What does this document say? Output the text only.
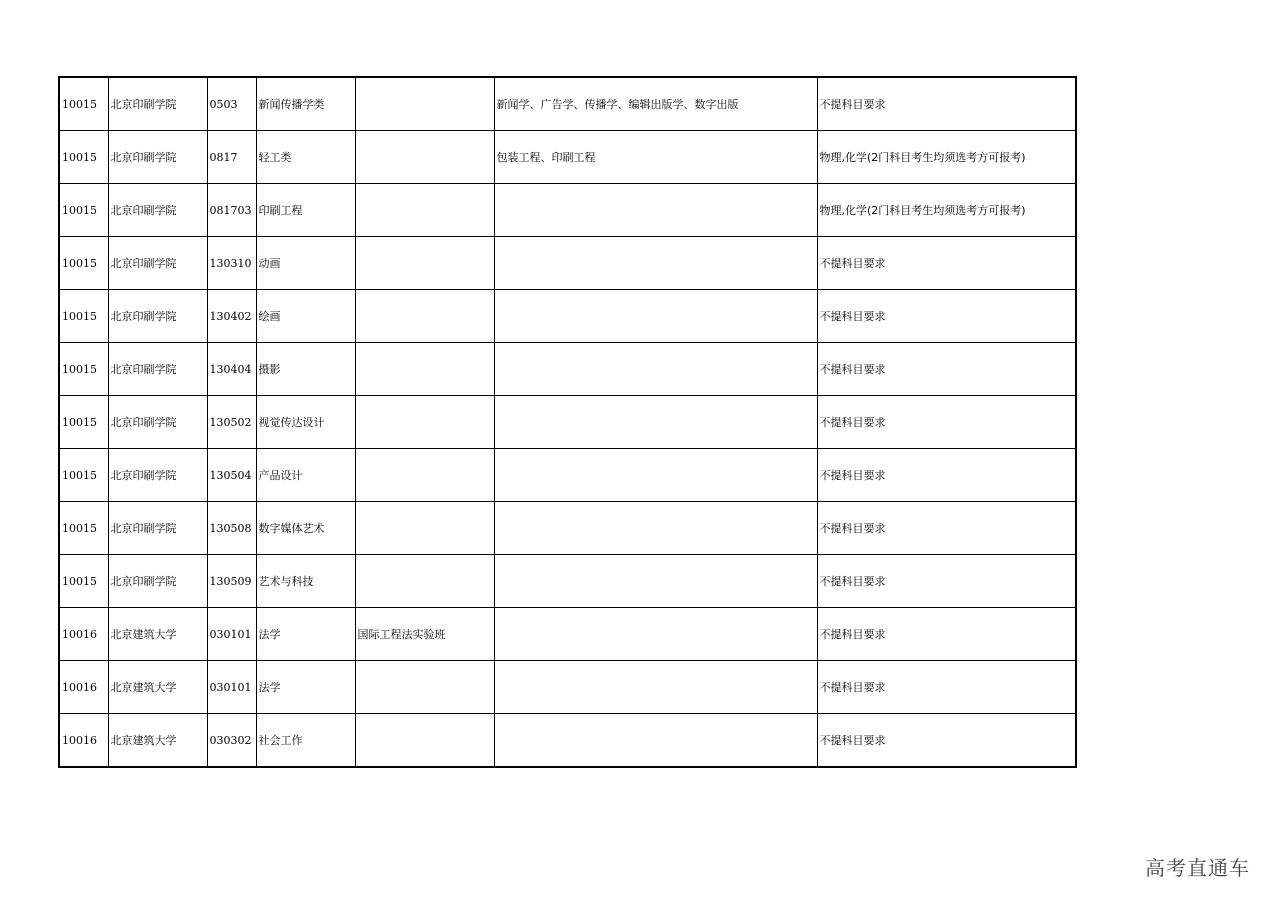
10015	北京印刷学院	0503	新闻传播学类		新闻学、广告学、传播学、编辑出版学、数字出版	不提科目要求
10015	北京印刷学院	0817	轻工类		包装工程、印刷工程	物理,化学(2门科目考生均须选考方可报考)
10015	北京印刷学院	081703	印刷工程			物理,化学(2门科目考生均须选考方可报考)
10015	北京印刷学院	130310	动画			不提科目要求
10015	北京印刷学院	130402	绘画			不提科目要求
10015	北京印刷学院	130404	摄影			不提科目要求
10015	北京印刷学院	130502	视觉传达设计			不提科目要求
10015	北京印刷学院	130504	产品设计			不提科目要求
10015	北京印刷学院	130508	数字媒体艺术			不提科目要求
10015	北京印刷学院	130509	艺术与科技			不提科目要求
10016	北京建筑大学	030101	法学	国际工程法实验班		不提科目要求
10016	北京建筑大学	030101	法学			不提科目要求
10016	北京建筑大学	030302	社会工作			不提科目要求
高考直通车
